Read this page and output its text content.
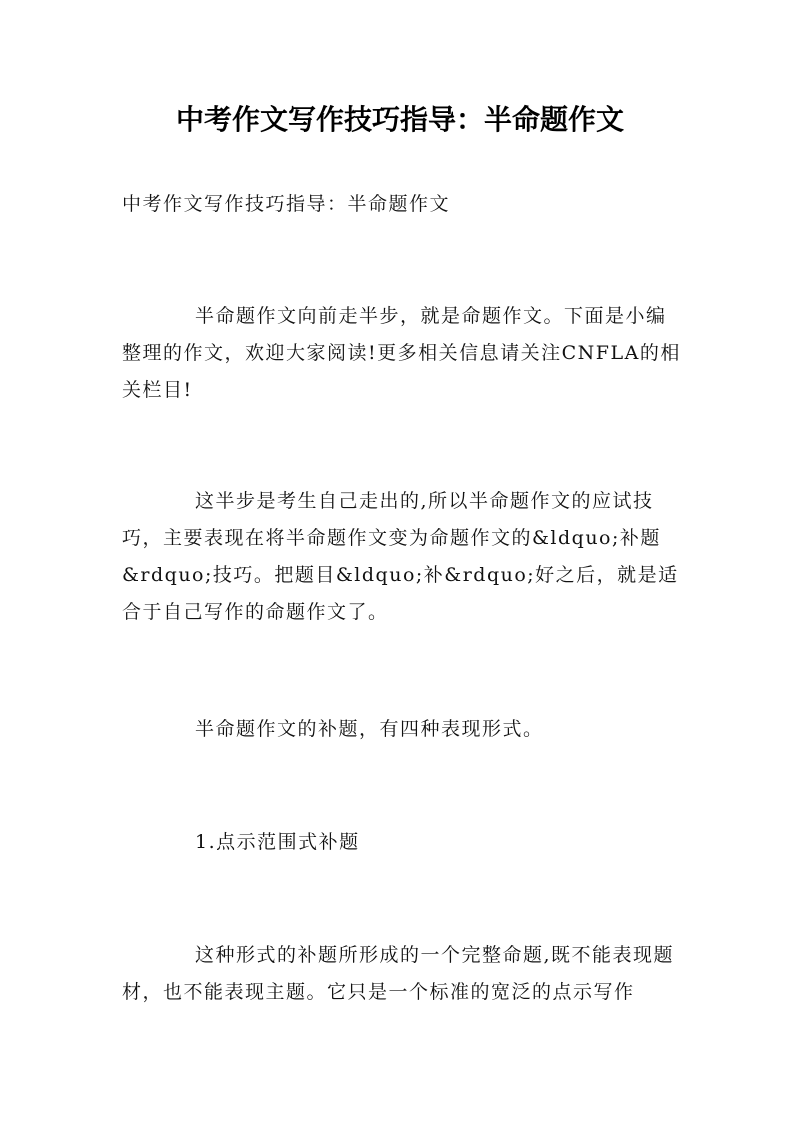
中考作文写作技巧指导：半命题作文

中考作文写作技巧指导：半命题作文

半命题作文向前走半步，就是命题作文。下面是小编整理的作文，欢迎大家阅读!更多相关信息请关注CNFLA的相关栏目!

这半步是考生自己走出的,所以半命题作文的应试技巧，主要表现在将半命题作文变为命题作文的&ldquo;补题&rdquo;技巧。把题目&ldquo;补&rdquo;好之后，就是适合于自己写作的命题作文了。

半命题作文的补题，有四种表现形式。

1.点示范围式补题

这种形式的补题所形成的一个完整命题,既不能表现题材，也不能表现主题。它只是一个标准的宽泛的点示写作
